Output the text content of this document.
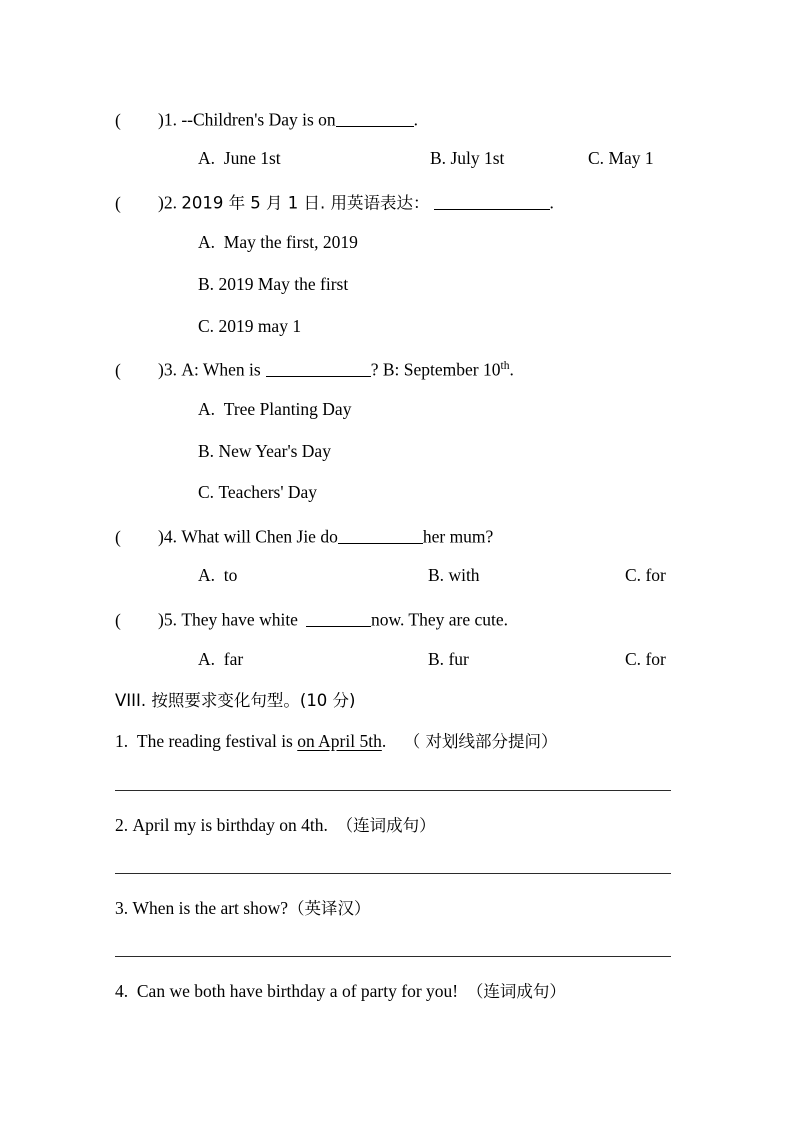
( )1. --Children's Day is on	.
A. June 1st	B. July 1st	C. May 1
( )2. 2019 年 5 月 1 日. 用英语表达：	.
A. May the first, 2019
B. 2019 May the first
C. 2019 may 1
( )3. A: When is	? B: September 10th.
A. Tree Planting Day
B. New Year's Day
C. Teachers' Day
( )4. What will Chen Jie do	her mum?
A. to	B. with	C. for
( )5. They have white	now. They are cute.
A. far	B. fur	C. for
VIII. 按照要求变化句型。(10 分)
1. The reading festival is on April 5th. （ 对划线部分提问）
2. April my is birthday on 4th. （连词成句）
3. When is the art show?（英译汉）
4. Can we both have birthday a of party for you! （连词成句）
